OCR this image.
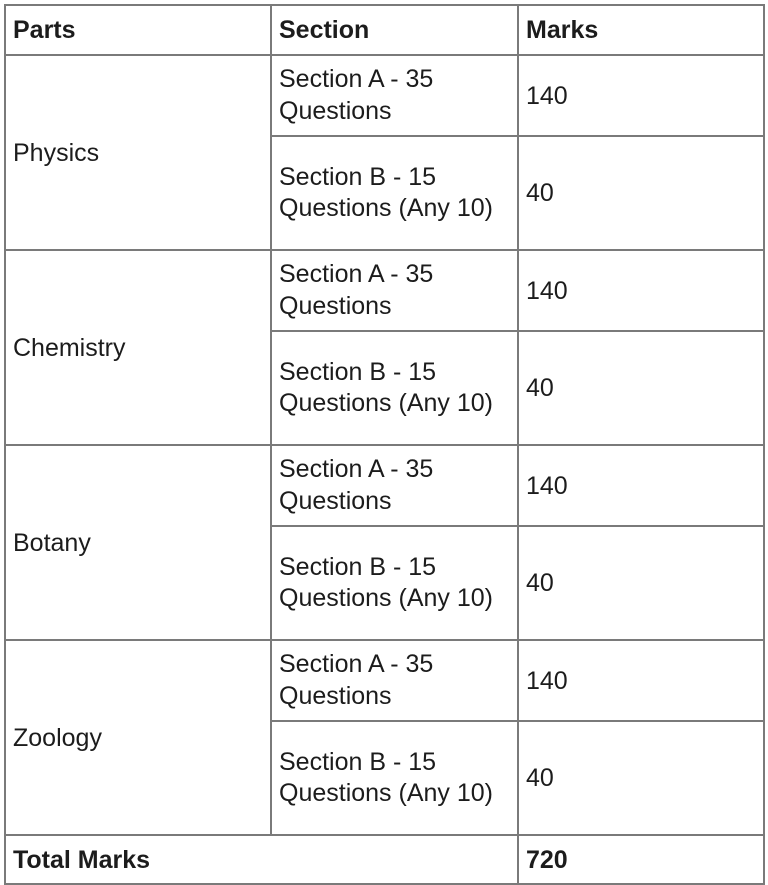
Parts	Section	Marks
Physics	Section A - 35 Questions	140
	Section B - 15 Questions (Any 10)	40
Chemistry	Section A - 35 Questions	140
	Section B - 15 Questions (Any 10)	40
Botany	Section A - 35 Questions	140
	Section B - 15 Questions (Any 10)	40
Zoology	Section A - 35 Questions	140
	Section B - 15 Questions (Any 10)	40
Total Marks		720
